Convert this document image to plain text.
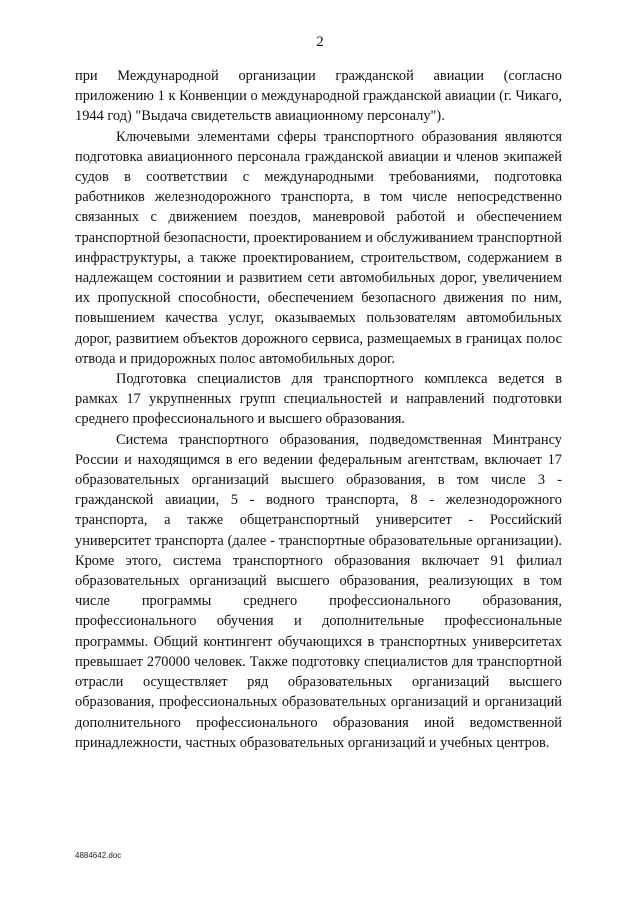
2

при Международной организации гражданской авиации (согласно приложению 1 к Конвенции о международной гражданской авиации (г. Чикаго, 1944 год) "Выдача свидетельств авиационному персоналу").

Ключевыми элементами сферы транспортного образования являются подготовка авиационного персонала гражданской авиации и членов экипажей судов в соответствии с международными требованиями, подготовка работников железнодорожного транспорта, в том числе непосредственно связанных с движением поездов, маневровой работой и обеспечением транспортной безопасности, проектированием и обслуживанием транспортной инфраструктуры, а также проектированием, строительством, содержанием в надлежащем состоянии и развитием сети автомобильных дорог, увеличением их пропускной способности, обеспечением безопасного движения по ним, повышением качества услуг, оказываемых пользователям автомобильных дорог, развитием объектов дорожного сервиса, размещаемых в границах полос отвода и придорожных полос автомобильных дорог.

Подготовка специалистов для транспортного комплекса ведется в рамках 17 укрупненных групп специальностей и направлений подготовки среднего профессионального и высшего образования.

Система транспортного образования, подведомственная Минтрансу России и находящимся в его ведении федеральным агентствам, включает 17 образовательных организаций высшего образования, в том числе 3 - гражданской авиации, 5 - водного транспорта, 8 - железнодорожного транспорта, а также общетранспортный университет - Российский университет транспорта (далее - транспортные образовательные организации). Кроме этого, система транспортного образования включает 91 филиал образовательных организаций высшего образования, реализующих в том числе программы среднего профессионального образования, профессионального обучения и дополнительные профессиональные программы. Общий контингент обучающихся в транспортных университетах превышает 270000 человек. Также подготовку специалистов для транспортной отрасли осуществляет ряд образовательных организаций высшего образования, профессиональных образовательных организаций и организаций дополнительного профессионального образования иной ведомственной принадлежности, частных образовательных организаций и учебных центров.

4884642.doc
